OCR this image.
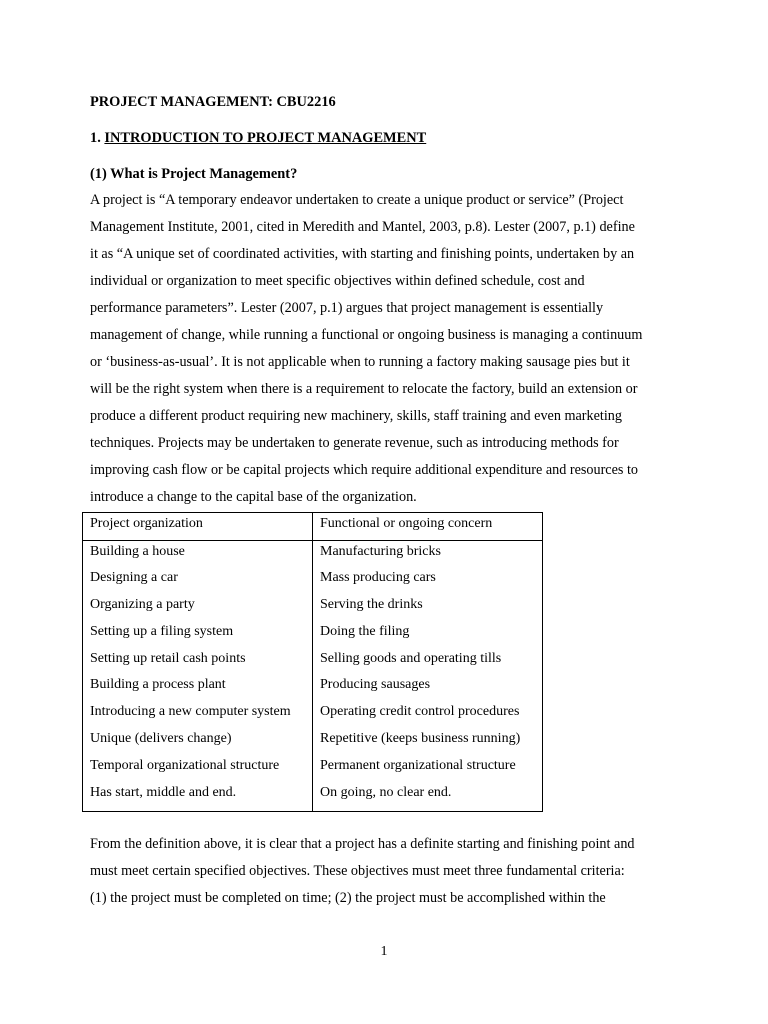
PROJECT MANAGEMENT: CBU2216
1. INTRODUCTION TO PROJECT MANAGEMENT
(1) What is Project Management?
A project is “A temporary endeavor undertaken to create a unique product or service” (Project
Management Institute, 2001, cited in Meredith and Mantel, 2003, p.8). Lester (2007, p.1) define
it as “A unique set of coordinated activities, with starting and finishing points, undertaken by an
individual or organization to meet specific objectives within defined schedule, cost and
performance parameters”. Lester (2007, p.1) argues that project management is essentially
management of change, while running a functional or ongoing business is managing a continuum
or ‘business-as-usual’. It is not applicable when to running a factory making sausage pies but it
will be the right system when there is a requirement to relocate the factory, build an extension or
produce a different product requiring new machinery, skills, staff training and even marketing
techniques. Projects may be undertaken to generate revenue, such as introducing methods for
improving cash flow or be capital projects which require additional expenditure and resources to
introduce a change to the capital base of the organization.
Project organization	Functional or ongoing concern
Building a house	Manufacturing bricks
Designing a car	Mass producing cars
Organizing a party	Serving the drinks
Setting up a filing system	Doing the filing
Setting up retail cash points	Selling goods and operating tills
Building a process plant	Producing sausages
Introducing a new computer system	Operating credit control procedures
Unique (delivers change)	Repetitive (keeps business running)
Temporal organizational structure	Permanent organizational structure
Has start, middle and end.	On going, no clear end.
From the definition above, it is clear that a project has a definite starting and finishing point and
must meet certain specified objectives. These objectives must meet three fundamental criteria:
(1) the project must be completed on time; (2) the project must be accomplished within the
1
